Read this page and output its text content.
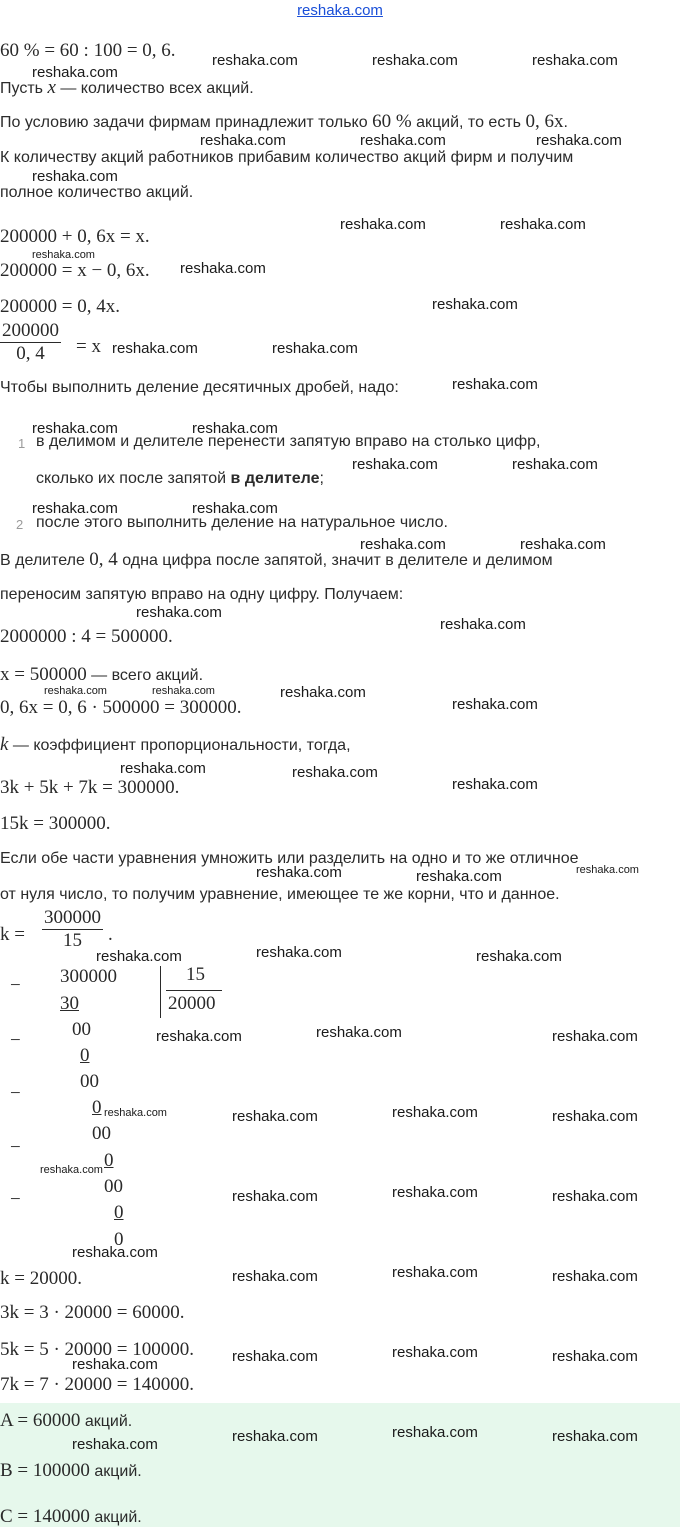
reshaka.com
60 % = 60 : 100 = 0, 6.
Пусть x — количество всех акций.
По условию задачи фирмам принадлежит только 60 % акций, то есть 0, 6x.
К количеству акций работников прибавим количество акций фирм и получим
полное количество акций.
200000 + 0, 6x = x.
200000 = x − 0, 6x.
200000 = 0, 4x.
$\frac{200000}{0, 4} = x$
Чтобы выполнить деление десятичных дробей, надо:
1 в делимом и делителе перенести запятую вправо на столько цифр,
сколько их после запятой в делителе;
2 после этого выполнить деление на натуральное число.
В делителе 0, 4 одна цифра после запятой, значит в делителе и делимом
переносим запятую вправо на одну цифру. Получаем:
2000000 : 4 = 500000.
x = 500000 — всего акций.
0, 6x = 0, 6 · 500000 = 300000.
k — коэффициент пропорциональности, тогда,
3k + 5k + 7k = 300000.
15k = 300000.
Если обе части уравнения умножить или разделить на одно и то же отличное
от нуля число, то получим уравнение, имеющее те же корни, что и данное.
$k = \frac{300000}{15}$ .
− 300000	15
20000
30
−
00
0
−
00
0
−
00
0
−
00
0
0
k = 20000.
3k = 3 · 20000 = 60000.
5k = 5 · 20000 = 100000.
7k = 7 · 20000 = 140000.
A = 60000 акций.
B = 100000 акций.
C = 140000 акций.
reshaka.com	reshaka.com	reshaka.com
reshaka.com
reshaka.com	reshaka.com	reshaka.com
reshaka.com
reshaka.com	reshaka.com
reshaka.com
reshaka.com
reshaka.com
reshaka.com	reshaka.com
reshaka.com
reshaka.com	reshaka.com
reshaka.com	reshaka.com
reshaka.com	reshaka.com
reshaka.com	reshaka.com
reshaka.com
reshaka.com
reshaka.com	reshaka.com	reshaka.com
reshaka.com
reshaka.com	reshaka.com
reshaka.com
reshaka.com	reshaka.com	reshaka.com
reshaka.com
reshaka.com	reshaka.com
reshaka.com
reshaka.com	reshaka.com
reshaka.com	reshaka.com	reshaka.com	reshaka.com
reshaka.com
reshaka.com	reshaka.com	reshaka.com
reshaka.com
reshaka.com	reshaka.com	reshaka.com
reshaka.com	reshaka.com	reshaka.com
reshaka.com
reshaka.com	reshaka.com	reshaka.com	reshaka.com
